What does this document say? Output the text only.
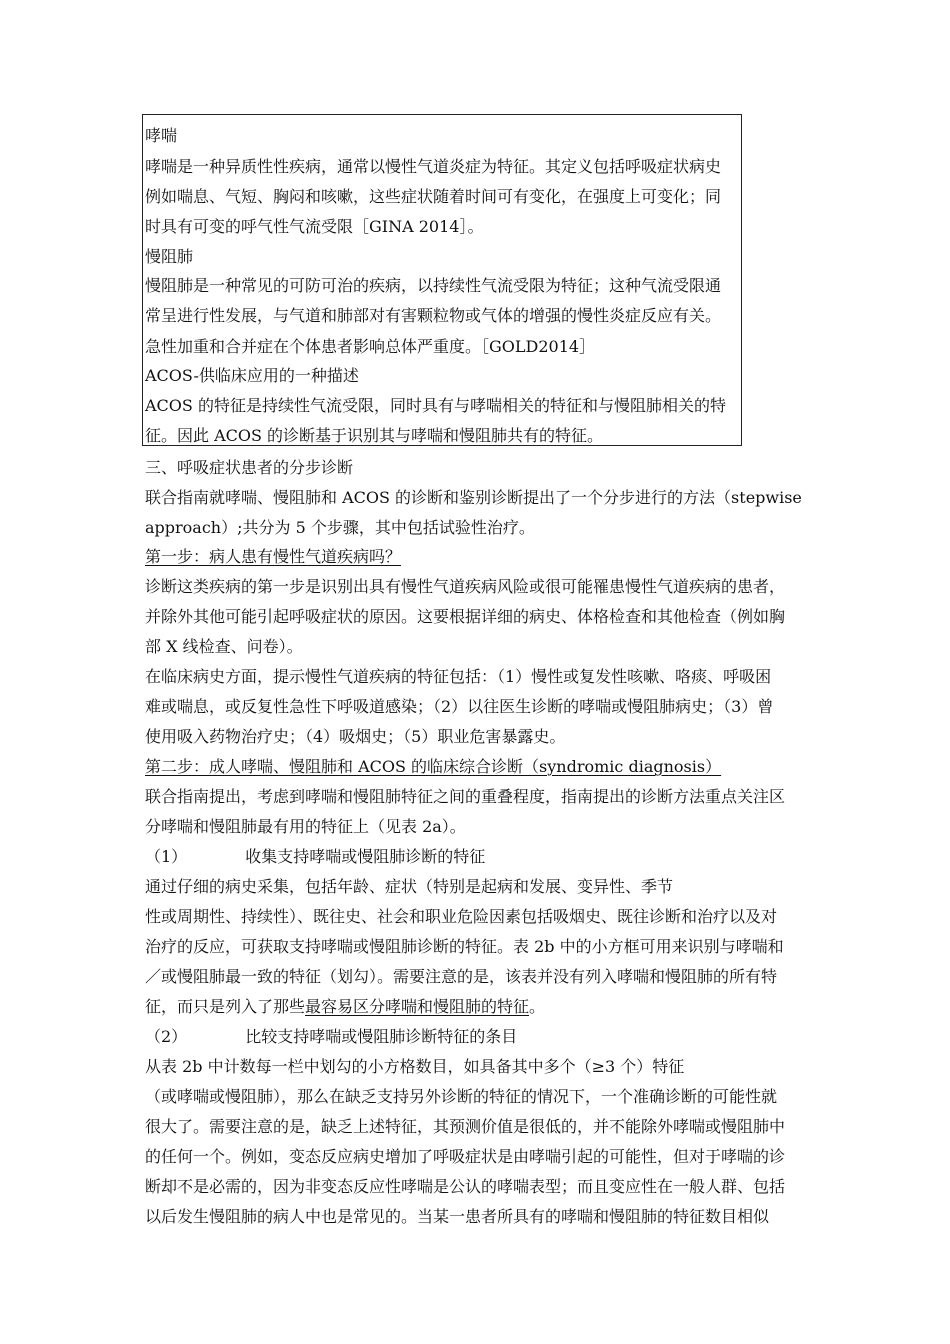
哮喘
哮喘是一种异质性性疾病，通常以慢性气道炎症为特征。其定义包括呼吸症状病史
例如喘息、气短、胸闷和咳嗽，这些症状随着时间可有变化，在强度上可变化；同
时具有可变的呼气性气流受限［GINA 2014］。
慢阻肺
慢阻肺是一种常见的可防可治的疾病，以持续性气流受限为特征；这种气流受限通
常呈进行性发展，与气道和肺部对有害颗粒物或气体的增强的慢性炎症反应有关。
急性加重和合并症在个体患者影响总体严重度。［GOLD2014］
ACOS-供临床应用的一种描述
ACOS 的特征是持续性气流受限，同时具有与哮喘相关的特征和与慢阻肺相关的特
征。因此 ACOS 的诊断基于识别其与哮喘和慢阻肺共有的特征。
三、呼吸症状患者的分步诊断
联合指南就哮喘、慢阻肺和 ACOS 的诊断和鉴别诊断提出了一个分步进行的方法（stepwise
approach）;共分为 5 个步骤，其中包括试验性治疗。
第一步：病人患有慢性气道疾病吗？
诊断这类疾病的第一步是识别出具有慢性气道疾病风险或很可能罹患慢性气道疾病的患者，
并除外其他可能引起呼吸症状的原因。这要根据详细的病史、体格检查和其他检查（例如胸
部 X 线检查、问卷）。
在临床病史方面，提示慢性气道疾病的特征包括：（1）慢性或复发性咳嗽、咯痰、呼吸困
难或喘息，或反复性急性下呼吸道感染；（2）以往医生诊断的哮喘或慢阻肺病史；（3）曾
使用吸入药物治疗史；（4）吸烟史；（5）职业危害暴露史。
第二步：成人哮喘、慢阻肺和 ACOS 的临床综合诊断（syndromic diagnosis）
联合指南提出，考虑到哮喘和慢阻肺特征之间的重叠程度，指南提出的诊断方法重点关注区
分哮喘和慢阻肺最有用的特征上（见表 2a）。
（1）	收集支持哮喘或慢阻肺诊断的特征
通过仔细的病史采集，包括年龄、症状（特别是起病和发展、变异性、季节
性或周期性、持续性）、既往史、社会和职业危险因素包括吸烟史、既往诊断和治疗以及对
治疗的反应，可获取支持哮喘或慢阻肺诊断的特征。表 2b 中的小方框可用来识别与哮喘和
／或慢阻肺最一致的特征（划勾）。需要注意的是，该表并没有列入哮喘和慢阻肺的所有特
征，而只是列入了那些最容易区分哮喘和慢阻肺的特征。
（2）	比较支持哮喘或慢阻肺诊断特征的条目
从表 2b 中计数每一栏中划勾的小方格数目，如具备其中多个（≥3 个）特征
（或哮喘或慢阻肺），那么在缺乏支持另外诊断的特征的情况下，一个准确诊断的可能性就
很大了。需要注意的是，缺乏上述特征，其预测价值是很低的，并不能除外哮喘或慢阻肺中
的任何一个。例如，变态反应病史增加了呼吸症状是由哮喘引起的可能性，但对于哮喘的诊
断却不是必需的，因为非变态反应性哮喘是公认的哮喘表型；而且变应性在一般人群、包括
以后发生慢阻肺的病人中也是常见的。当某一患者所具有的哮喘和慢阻肺的特征数目相似
